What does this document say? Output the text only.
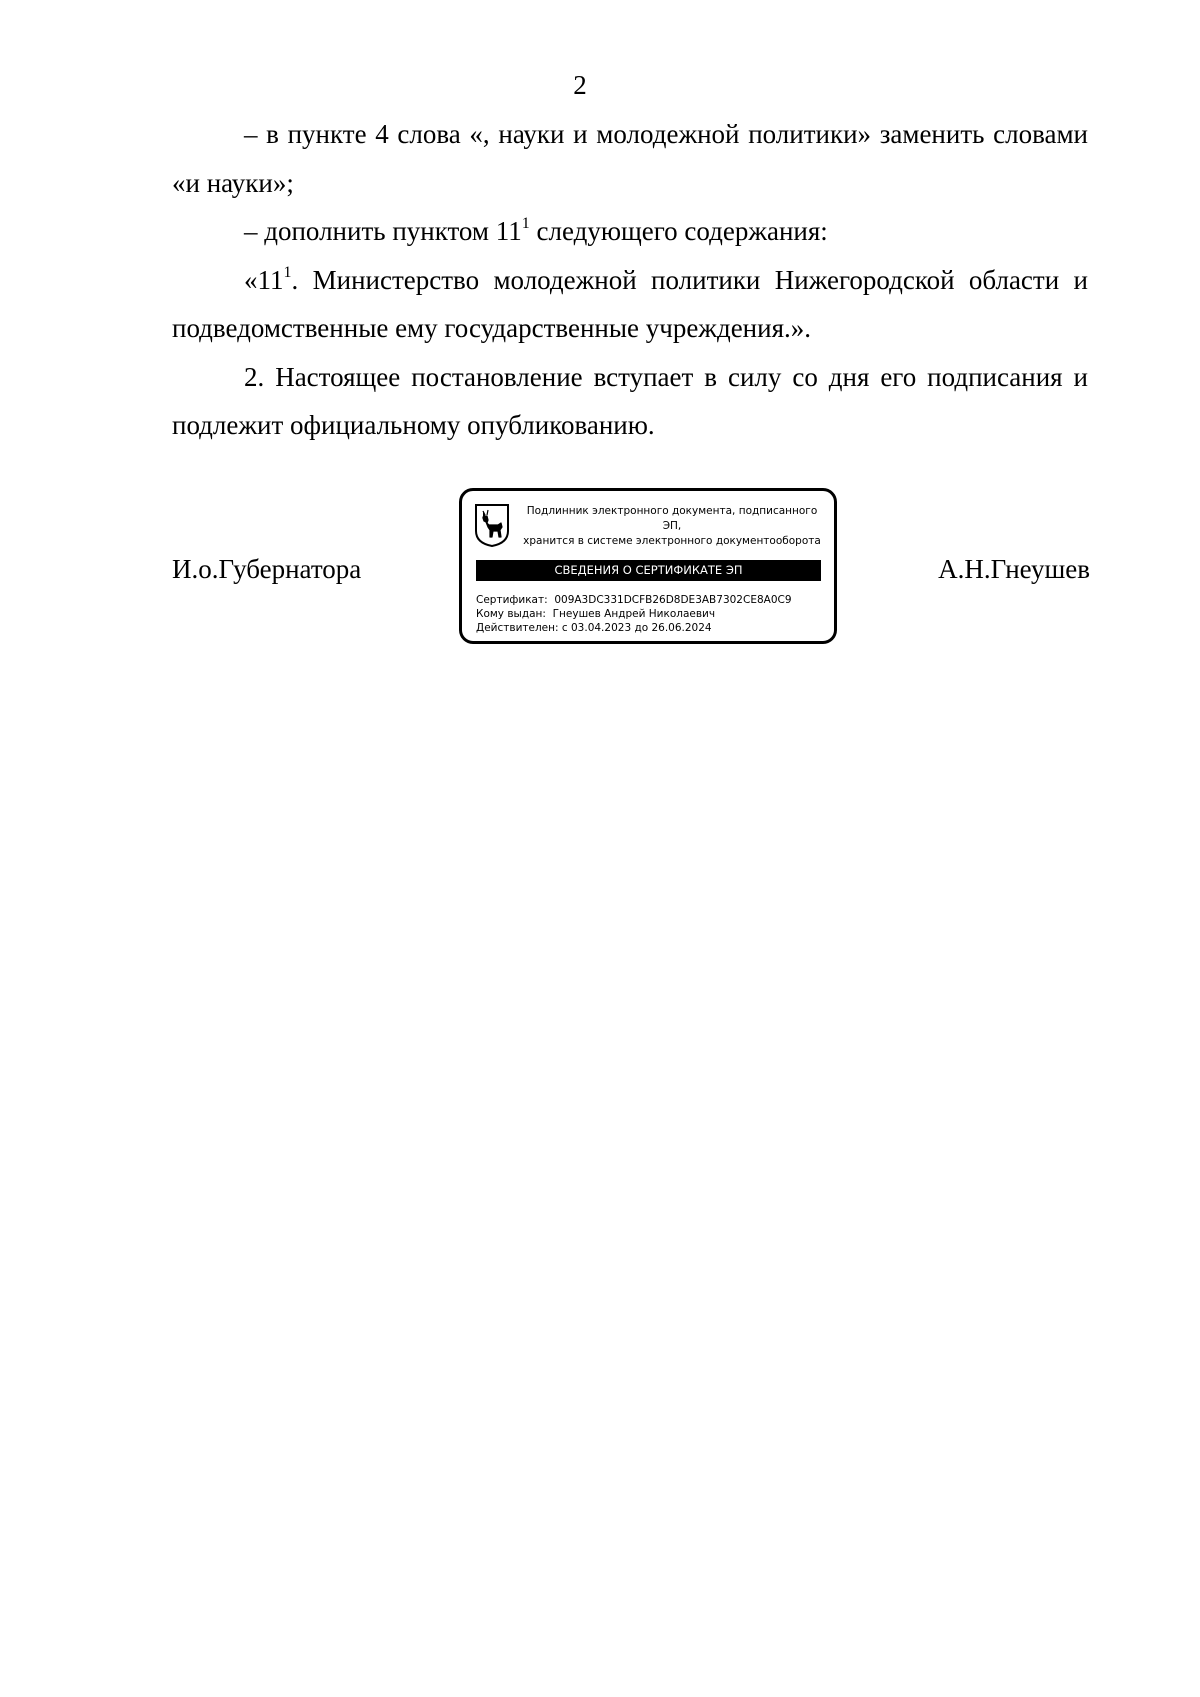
2

– в пункте 4 слова «, науки и молодежной политики» заменить словами «и науки»;

– дополнить пунктом $11^1$ следующего содержания:

«$11^1$. Министерство молодежной политики Нижегородской области и подведомственные ему государственные учреждения.».

2. Настоящее постановление вступает в силу со дня его подписания и подлежит официальному опубликованию.

И.о.Губернатора
Подлинник электронного документа, подписанного ЭП,
хранится в системе электронного документооборота
СВЕДЕНИЯ О СЕРТИФИКАТЕ ЭП
Сертификат: 009A3DC331DCFB26D8DE3AB7302CE8A0C9
Кому выдан: Гнеушев Андрей Николаевич
Действителен: с 03.04.2023 до 26.06.2024
А.Н.Гнеушев
